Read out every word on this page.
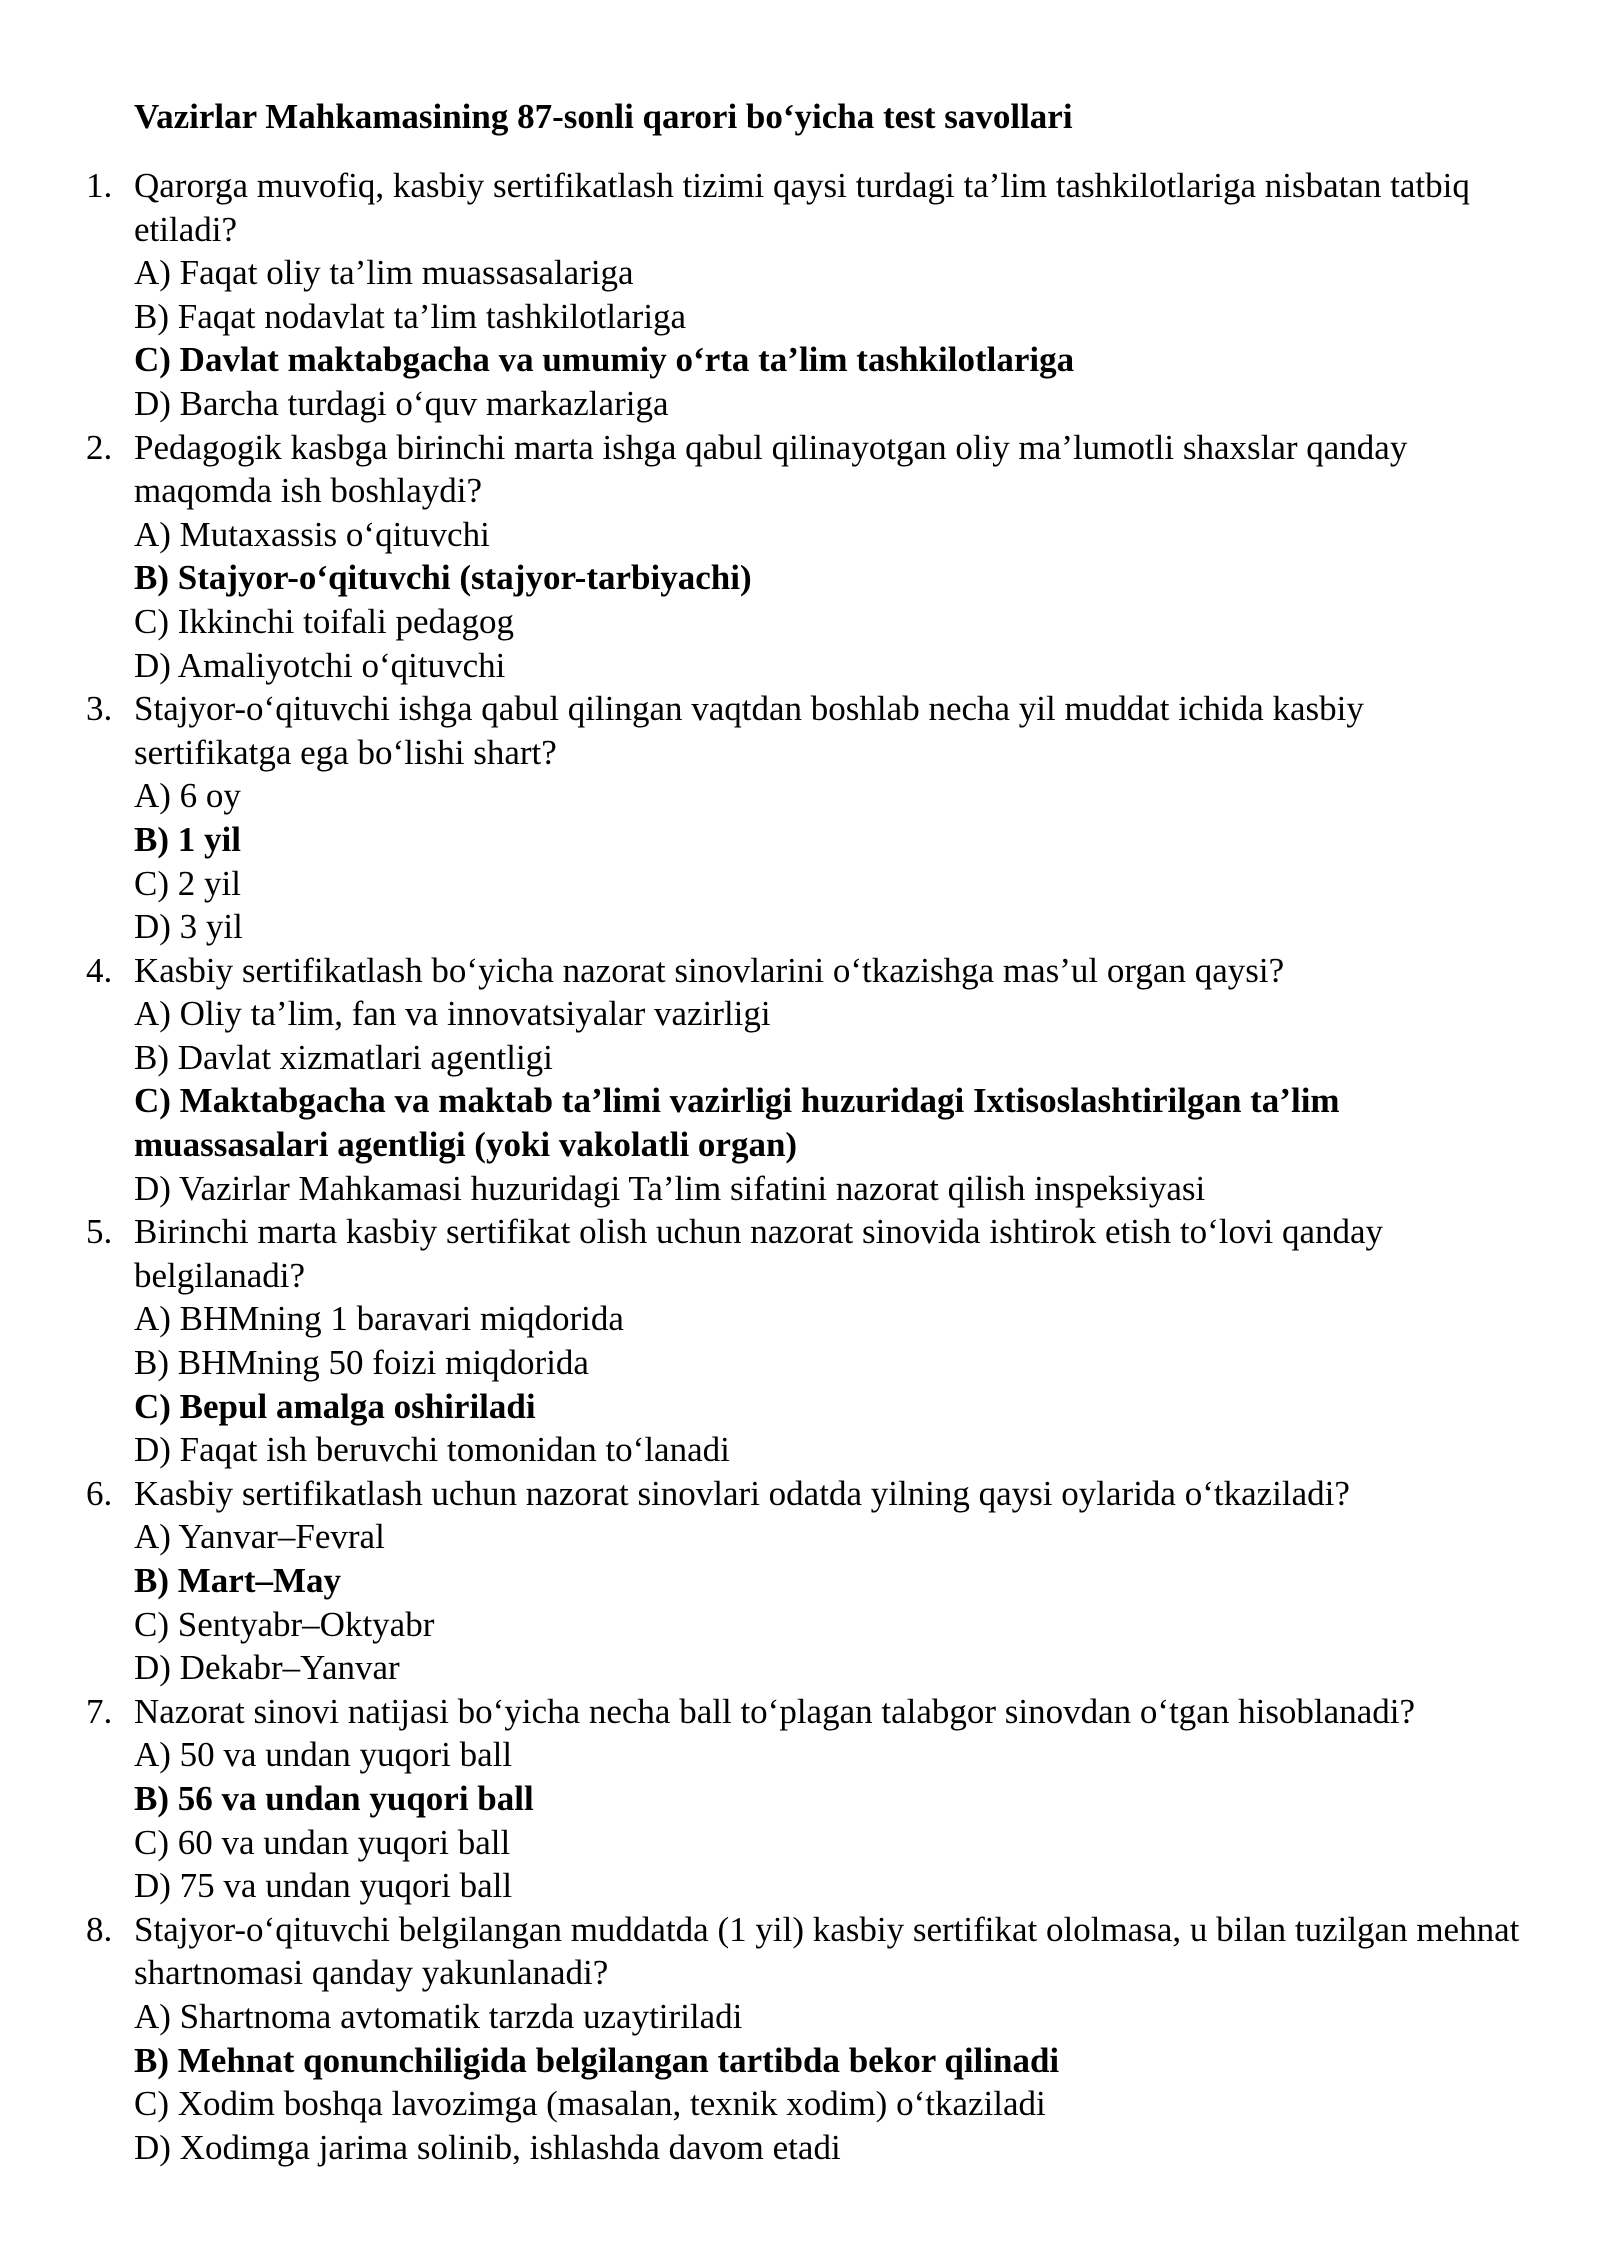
Vazirlar Mahkamasining 87-sonli qarori bo‘yicha test savollari
1. Qarorga muvofiq, kasbiy sertifikatlash tizimi qaysi turdagi ta’lim tashkilotlariga nisbatan tatbiq etiladi?
A) Faqat oliy ta’lim muassasalariga
B) Faqat nodavlat ta’lim tashkilotlariga
C) Davlat maktabgacha va umumiy o‘rta ta’lim tashkilotlariga
D) Barcha turdagi o‘quv markazlariga
2. Pedagogik kasbga birinchi marta ishga qabul qilinayotgan oliy ma’lumotli shaxslar qanday maqomda ish boshlaydi?
A) Mutaxassis o‘qituvchi
B) Stajyor-o‘qituvchi (stajyor-tarbiyachi)
C) Ikkinchi toifali pedagog
D) Amaliyotchi o‘qituvchi
3. Stajyor-o‘qituvchi ishga qabul qilingan vaqtdan boshlab necha yil muddat ichida kasbiy sertifikatga ega bo‘lishi shart?
A) 6 oy
B) 1 yil
C) 2 yil
D) 3 yil
4. Kasbiy sertifikatlash bo‘yicha nazorat sinovlarini o‘tkazishga mas’ul organ qaysi?
A) Oliy ta’lim, fan va innovatsiyalar vazirligi
B) Davlat xizmatlari agentligi
C) Maktabgacha va maktab ta’limi vazirligi huzuridagi Ixtisoslashtirilgan ta’lim muassasalari agentligi (yoki vakolatli organ)
D) Vazirlar Mahkamasi huzuridagi Ta’lim sifatini nazorat qilish inspeksiyasi
5. Birinchi marta kasbiy sertifikat olish uchun nazorat sinovida ishtirok etish to‘lovi qanday belgilanadi?
A) BHMning 1 baravari miqdorida
B) BHMning 50 foizi miqdorida
C) Bepul amalga oshiriladi
D) Faqat ish beruvchi tomonidan to‘lanadi
6. Kasbiy sertifikatlash uchun nazorat sinovlari odatda yilning qaysi oylarida o‘tkaziladi?
A) Yanvar–Fevral
B) Mart–May
C) Sentyabr–Oktyabr
D) Dekabr–Yanvar
7. Nazorat sinovi natijasi bo‘yicha necha ball to‘plagan talabgor sinovdan o‘tgan hisoblanadi?
A) 50 va undan yuqori ball
B) 56 va undan yuqori ball
C) 60 va undan yuqori ball
D) 75 va undan yuqori ball
8. Stajyor-o‘qituvchi belgilangan muddatda (1 yil) kasbiy sertifikat ololmasa, u bilan tuzilgan mehnat shartnomasi qanday yakunlanadi?
A) Shartnoma avtomatik tarzda uzaytiriladi
B) Mehnat qonunchiligida belgilangan tartibda bekor qilinadi
C) Xodim boshqa lavozimga (masalan, texnik xodim) o‘tkaziladi
D) Xodimga jarima solinib, ishlashda davom etadi
